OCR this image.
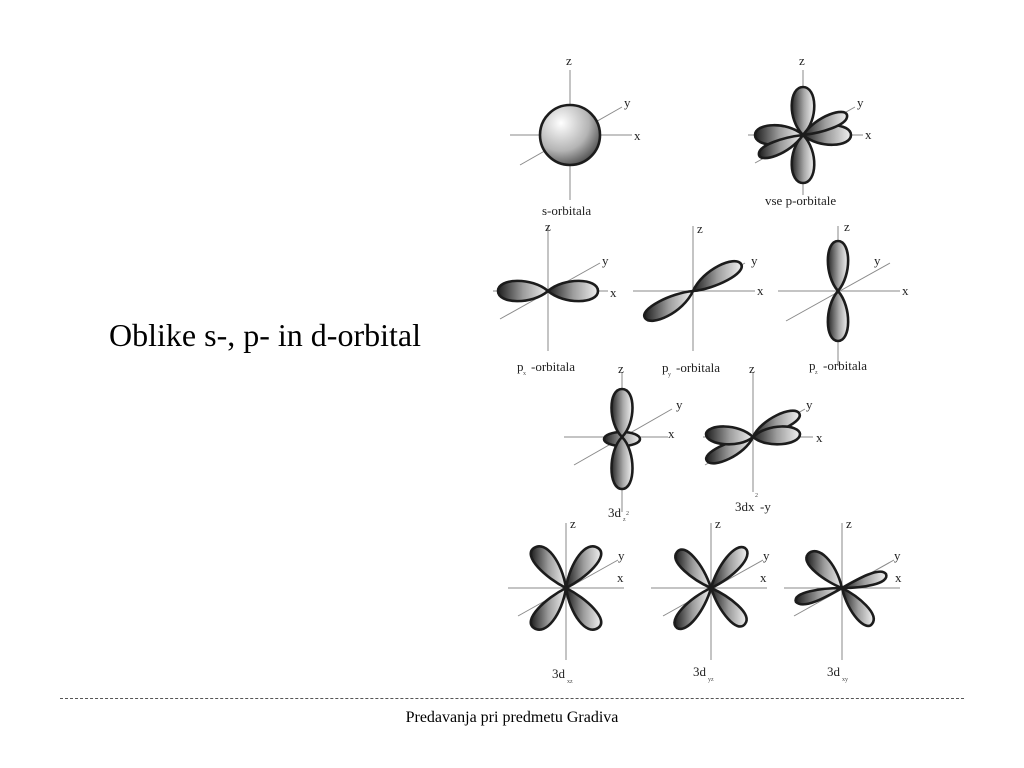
Oblike s-, p- in d-orbital
z
y
x
s-orbitala
z
y
x
vse p-orbitale
z
y
x
p x -orbitala
z
y
x
p y -orbitala
z
y
x
p z -orbitala
z
y
x
3d z
2
z
y
x
3dx
2
-y
z
y
x
3d
xz
z
y
x
3d
yz
z
y
x
3d
xy
Predavanja pri predmetu Gradiva
